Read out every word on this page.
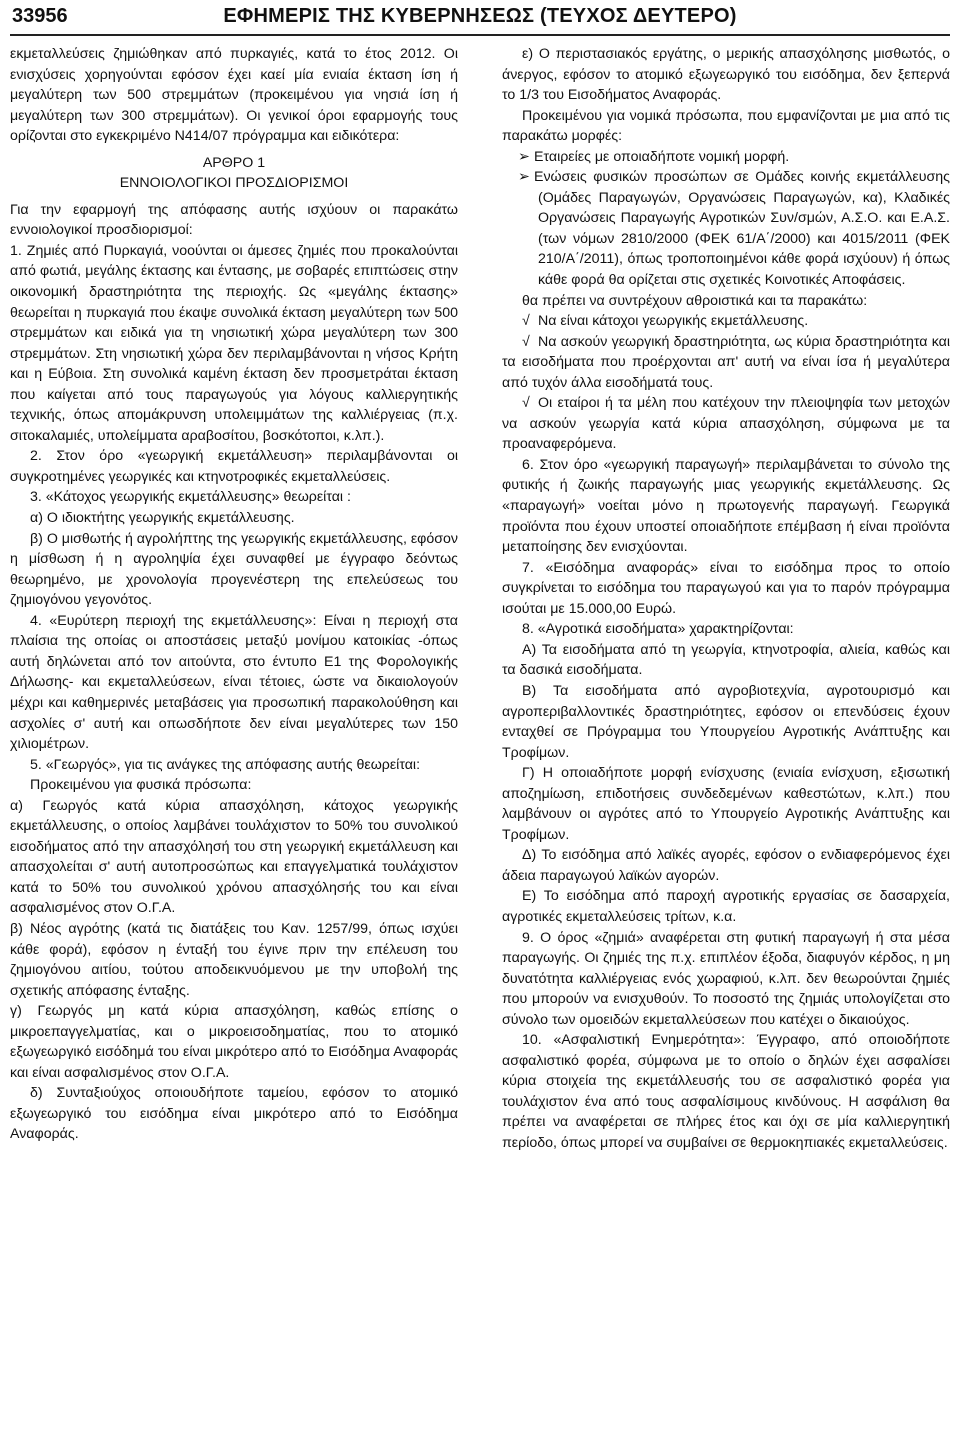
33956	ΕΦΗΜΕΡΙΣ ΤΗΣ ΚΥΒΕΡΝΗΣΕΩΣ (ΤΕΥΧΟΣ ΔΕΥΤΕΡΟ)

εκμεταλλεύσεις ζημιώθηκαν από πυρκαγιές, κατά το έτος 2012. Οι ενισχύσεις χορηγούνται εφόσον έχει καεί μία ενιαία έκταση ίση ή μεγαλύτερη των 500 στρεμμάτων (προκειμένου για νησιά ίση ή μεγαλύτερη των 300 στρεμμάτων). Οι γενικοί όροι εφαρμογής τους ορίζονται στο εγκεκριμένο Ν414/07 πρόγραμμα και ειδικότερα:

ΑΡΘΡΟ 1

ΕΝΝΟΙΟΛΟΓΙΚΟΙ ΠΡΟΣΔΙΟΡΙΣΜΟΙ

Για την εφαρμογή της απόφασης αυτής ισχύουν οι παρακάτω εννοιολογικοί προσδιορισμοί:

1. Ζημιές από Πυρκαγιά, νοούνται οι άμεσες ζημιές που προκαλούνται από φωτιά, μεγάλης έκτασης και έντασης, με σοβαρές επιπτώσεις στην οικονομική δραστηριότητα της περιοχής. Ως «μεγάλης έκτασης» θεωρείται η πυρκαγιά που έκαψε συνολικά έκταση μεγαλύτερη των 500 στρεμμάτων και ειδικά για τη νησιωτική χώρα μεγαλύτερη των 300 στρεμμάτων. Στη νησιωτική χώρα δεν περιλαμβάνονται η νήσος Κρήτη και η Εύβοια. Στη συνολικά καμένη έκταση δεν προσμετράται έκταση που καίγεται από τους παραγωγούς για λόγους καλλιεργητικής τεχνικής, όπως απομάκρυνση υπολειμμάτων της καλλιέργειας (π.χ. σιτοκαλαμιές, υπολείμματα αραβοσίτου, βοσκότοποι, κ.λπ.).

2. Στον όρο «γεωργική εκμετάλλευση» περιλαμβάνονται οι συγκροτημένες γεωργικές και κτηνοτροφικές εκμεταλλεύσεις.

3. «Κάτοχος γεωργικής εκμετάλλευσης» θεωρείται :

α) Ο ιδιοκτήτης γεωργικής εκμετάλλευσης.

β) Ο μισθωτής ή αγρολήπτης της γεωργικής εκμετάλλευσης, εφόσον η μίσθωση ή η αγροληψία έχει συναφθεί με έγγραφο δεόντως θεωρημένο, με χρονολογία προγενέστερη της επελεύσεως του ζημιογόνου γεγονότος.

4. «Ευρύτερη περιοχή της εκμετάλλευσης»: Είναι η περιοχή στα πλαίσια της οποίας οι αποστάσεις μεταξύ μονίμου κατοικίας -όπως αυτή δηλώνεται από τον αιτούντα, στο έντυπο Ε1 της Φορολογικής Δήλωσης- και εκμεταλλεύσεων, είναι τέτοιες, ώστε να δικαιολογούν μέχρι και καθημερινές μεταβάσεις για προσωπική παρακολούθηση και ασχολίες σ' αυτή και οπωσδήποτε δεν είναι μεγαλύτερες των 150 χιλιομέτρων.

5. «Γεωργός», για τις ανάγκες της απόφασης αυτής θεωρείται:

Προκειμένου για φυσικά πρόσωπα:

α) Γεωργός κατά κύρια απασχόληση, κάτοχος γεωργικής εκμετάλλευσης, ο οποίος λαμβάνει τουλάχιστον το 50% του συνολικού εισοδήματος από την απασχόλησή του στη γεωργική εκμετάλλευση και απασχολείται σ' αυτή αυτοπροσώπως και επαγγελματικά τουλάχιστον κατά το 50% του συνολικού χρόνου απασχόλησής του και είναι ασφαλισμένος στον Ο.Γ.Α.

β) Νέος αγρότης (κατά τις διατάξεις του Καν. 1257/99, όπως ισχύει κάθε φορά), εφόσον η ένταξή του έγινε πριν την επέλευση του ζημιογόνου αιτίου, τούτου αποδεικνυόμενου με την υποβολή της σχετικής απόφασης ένταξης.

γ) Γεωργός μη κατά κύρια απασχόληση, καθώς επίσης ο μικροεπαγγελματίας, και ο μικροεισοδηματίας, που το ατομικό εξωγεωργικό εισόδημά του είναι μικρότερο από το Εισόδημα Αναφοράς και είναι ασφαλισμένος στον Ο.Γ.Α.

δ) Συνταξιούχος οποιουδήποτε ταμείου, εφόσον το ατομικό εξωγεωργικό του εισόδημα είναι μικρότερο από το Εισόδημα Αναφοράς.

ε) Ο περιστασιακός εργάτης, ο μερικής απασχόλησης μισθωτός, ο άνεργος, εφόσον το ατομικό εξωγεωργικό του εισόδημα, δεν ξεπερνά το 1/3 του Εισοδήματος Αναφοράς.

Προκειμένου για νομικά πρόσωπα, που εμφανίζονται με μια από τις παρακάτω μορφές:

➢ Εταιρείες με οποιαδήποτε νομική μορφή.

➢ Ενώσεις φυσικών προσώπων σε Ομάδες κοινής εκμετάλλευσης (Ομάδες Παραγωγών, Οργανώσεις Παραγωγών, κα), Κλαδικές Οργανώσεις Παραγωγής Αγροτικών Συν/σμών, Α.Σ.Ο. και Ε.Α.Σ. (των νόμων 2810/2000 (ΦΕΚ 61/Α΄/2000) και 4015/2011 (ΦΕΚ 210/Α΄/2011), όπως τροποποιημένοι κάθε φορά ισχύουν) ή όπως κάθε φορά θα ορίζεται στις σχετικές Κοινοτικές Αποφάσεις.

θα πρέπει να συντρέχουν αθροιστικά και τα παρακάτω:

√ Να είναι κάτοχοι γεωργικής εκμετάλλευσης.

√ Να ασκούν γεωργική δραστηριότητα, ως κύρια δραστηριότητα και τα εισοδήματα που προέρχονται απ' αυτή να είναι ίσα ή μεγαλύτερα από τυχόν άλλα εισοδήματά τους.

√ Οι εταίροι ή τα μέλη που κατέχουν την πλειοψηφία των μετοχών να ασκούν γεωργία κατά κύρια απασχόληση, σύμφωνα με τα προαναφερόμενα.

6. Στον όρο «γεωργική παραγωγή» περιλαμβάνεται το σύνολο της φυτικής ή ζωικής παραγωγής μιας γεωργικής εκμετάλλευσης. Ως «παραγωγή» νοείται μόνο η πρωτογενής παραγωγή. Γεωργικά προϊόντα που έχουν υποστεί οποιαδήποτε επέμβαση ή είναι προϊόντα μεταποίησης δεν ενισχύονται.

7. «Εισόδημα αναφοράς» είναι το εισόδημα προς το οποίο συγκρίνεται το εισόδημα του παραγωγού και για το παρόν πρόγραμμα ισούται με 15.000,00 Ευρώ.

8. «Αγροτικά εισοδήματα» χαρακτηρίζονται:

Α) Τα εισοδήματα από τη γεωργία, κτηνοτροφία, αλιεία, καθώς και τα δασικά εισοδήματα.

Β) Τα εισοδήματα από αγροβιοτεχνία, αγροτουρισμό και αγροπεριβαλλοντικές δραστηριότητες, εφόσον οι επενδύσεις έχουν ενταχθεί σε Πρόγραμμα του Υπουργείου Αγροτικής Ανάπτυξης και Τροφίμων.

Γ) Η οποιαδήποτε μορφή ενίσχυσης (ενιαία ενίσχυση, εξισωτική αποζημίωση, επιδοτήσεις συνδεδεμένων καθεστώτων, κ.λπ.) που λαμβάνουν οι αγρότες από το Υπουργείο Αγροτικής Ανάπτυξης και Τροφίμων.

Δ) Το εισόδημα από λαϊκές αγορές, εφόσον ο ενδιαφερόμενος έχει άδεια παραγωγού λαϊκών αγορών.

Ε) Το εισόδημα από παροχή αγροτικής εργασίας σε δασαρχεία, αγροτικές εκμεταλλεύσεις τρίτων, κ.α.

9. Ο όρος «ζημιά» αναφέρεται στη φυτική παραγωγή ή στα μέσα παραγωγής. Οι ζημιές της π.χ. επιπλέον έξοδα, διαφυγόν κέρδος, η μη δυνατότητα καλλιέργειας ενός χωραφιού, κ.λπ. δεν θεωρούνται ζημιές που μπορούν να ενισχυθούν. Το ποσοστό της ζημιάς υπολογίζεται στο σύνολο των ομοειδών εκμεταλλεύσεων που κατέχει ο δικαιούχος.

10. «Ασφαλιστική Ενημερότητα»: Έγγραφο, από οποιοδήποτε ασφαλιστικό φορέα, σύμφωνα με το οποίο ο δηλών έχει ασφαλίσει κύρια στοιχεία της εκμετάλλευσής του σε ασφαλιστικό φορέα για τουλάχιστον ένα από τους ασφαλίσιμους κινδύνους. Η ασφάλιση θα πρέπει να αναφέρεται σε πλήρες έτος και όχι σε μία καλλιεργητική περίοδο, όπως μπορεί να συμβαίνει σε θερμοκηπιακές εκμεταλλεύσεις.
